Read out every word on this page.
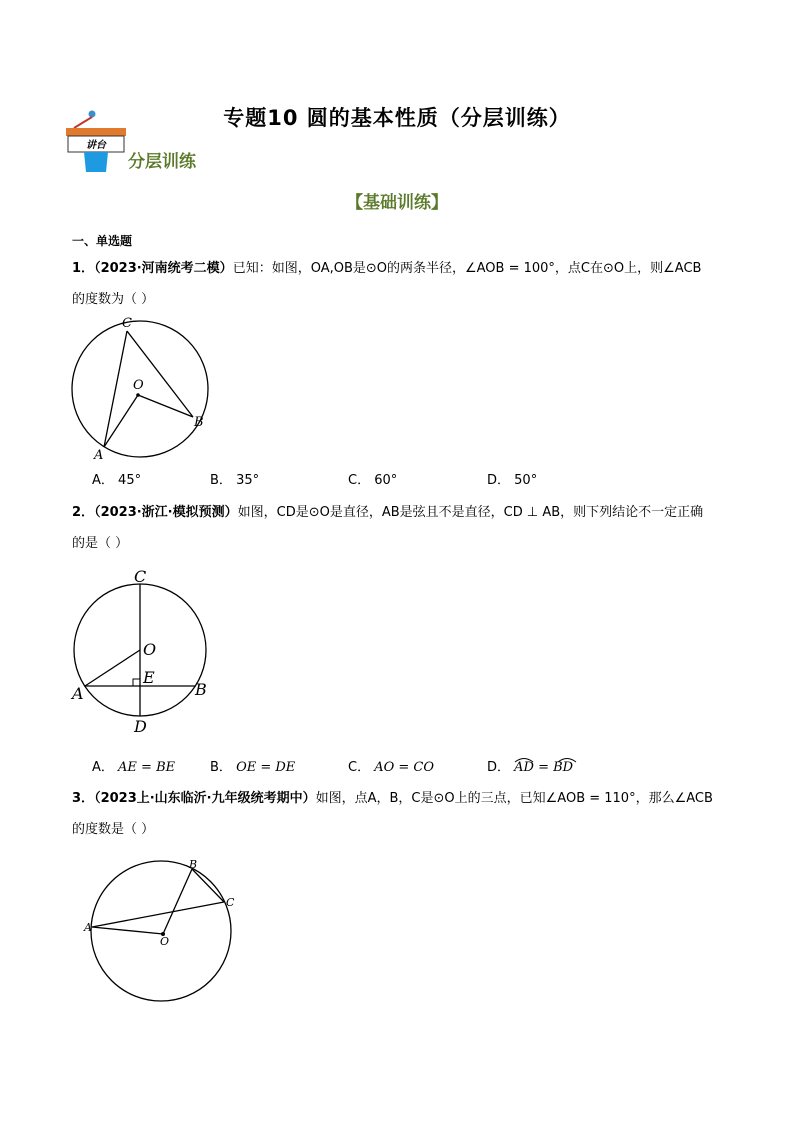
专题10 圆的基本性质（分层训练）
讲台
分层训练
【基础训练】
一、单选题
1．（2023·河南统考二模）已知：如图，OA,OB是⊙O的两条半径，∠AOB = 100°，点C在⊙O上，则∠ACB
的度数为（ ）
C
O
B
A
A． 45°	B． 35°	C． 60°	D． 50°
2．（2023·浙江·模拟预测）如图，CD是⊙O是直径，AB是弦且不是直径，CD ⊥ AB，则下列结论不一定正确
的是（ ）
C
O
E
A	B
D
A． AE = BE	B． OE = DE	C． AO = CO	D． AD = BD
3．（2023上·山东临沂·九年级统考期中）如图，点A，B，C是⊙O上的三点，已知∠AOB = 110°，那么∠ACB
的度数是（ ）
B
C
A
O
